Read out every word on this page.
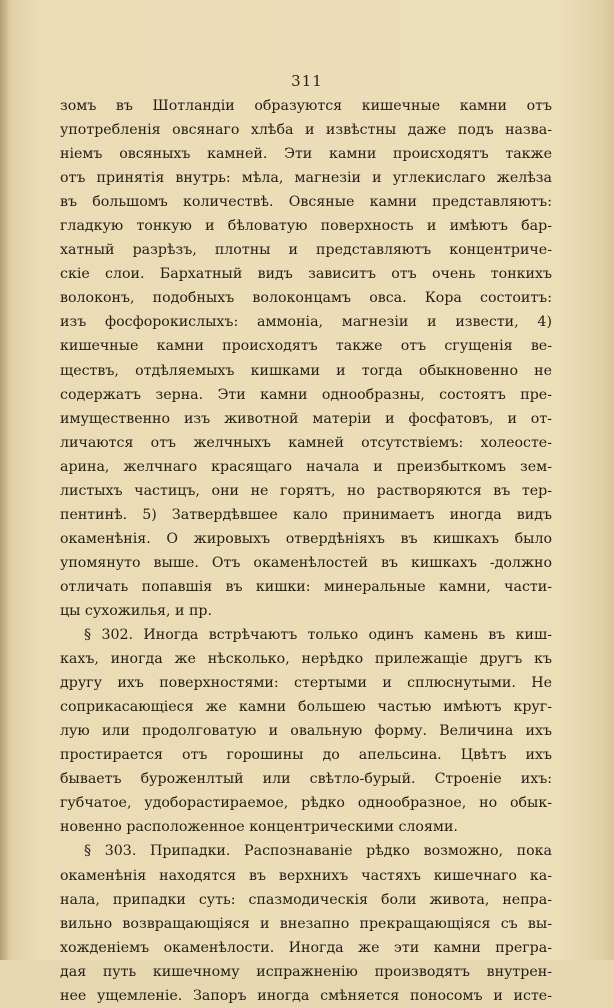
311
зомъ въ Шотландіи образуются кишечные камни отъ
употребленія овсянаго хлѣба и извѣстны даже подъ назва-
ніемъ овсяныхъ камней. Эти камни происходятъ также
отъ принятія внутрь: мѣла, магнезіи и углекислаго желѣза
въ большомъ количествѣ. Овсяные камни представляютъ:
гладкую тонкую и бѣловатую поверхность и имѣютъ бар-
хатный разрѣзъ, плотны и представляютъ концентриче-
скіе слои. Бархатный видъ зависитъ отъ очень тонкихъ
волоконъ, подобныхъ волоконцамъ овса. Кора состоитъ:
изъ фосфорокислыхъ: аммоніа, магнезіи и извести, 4)
кишечные камни происходятъ также отъ сгущенія ве-
ществъ, отдѣляемыхъ кишками и тогда обыкновенно не
содержатъ зерна. Эти камни однообразны, состоятъ пре-
имущественно изъ животной матеріи и фосфатовъ, и от-
личаются отъ желчныхъ камней отсутствіемъ: холеосте-
арина, желчнаго красящаго начала и преизбыткомъ зем-
листыхъ частицъ, они не горятъ, но растворяются въ тер-
пентинѣ. 5) Затвердѣвшее кало принимаетъ иногда видъ
окаменѣнія. О жировыхъ отвердѣніяхъ въ кишкахъ было
упомянуто выше. Отъ окаменѣлостей въ кишкахъ -должно
отличать попавшія въ кишки: минеральные камни, части-
цы сухожилья, и пр.
§ 302. Иногда встрѣчаютъ только одинъ камень въ киш-
кахъ, иногда же нѣсколько, нерѣдко прилежащіе другъ къ
другу ихъ поверхностями: стертыми и сплюснутыми. Не
соприкасающіеся же камни большею частью имѣютъ круг-
лую или продолговатую и овальную форму. Величина ихъ
простирается отъ горошины до апельсина. Цвѣтъ ихъ
бываетъ буроженлтый или свѣтло-бурый. Строеніе ихъ:
губчатое, удобоpастираемое, рѣдко однообразное, но обык-
новенно расположенное концентрическими слоями.
§ 303. Припадки. Распознаваніе рѣдко возможно, пока
окаменѣнія находятся въ верхнихъ частяхъ кишечнаго ка-
нала, припадки суть: спазмодическія боли живота, непра-
вильно возвращающіяся и внезапно прекращающіяся съ вы-
хожденіемъ окаменѣлости. Иногда же эти камни прегра-
дая путь кишечному испражненію производятъ внутрен-
нее ущемленіе. Запоръ иногда смѣняется поносомъ и исте-
